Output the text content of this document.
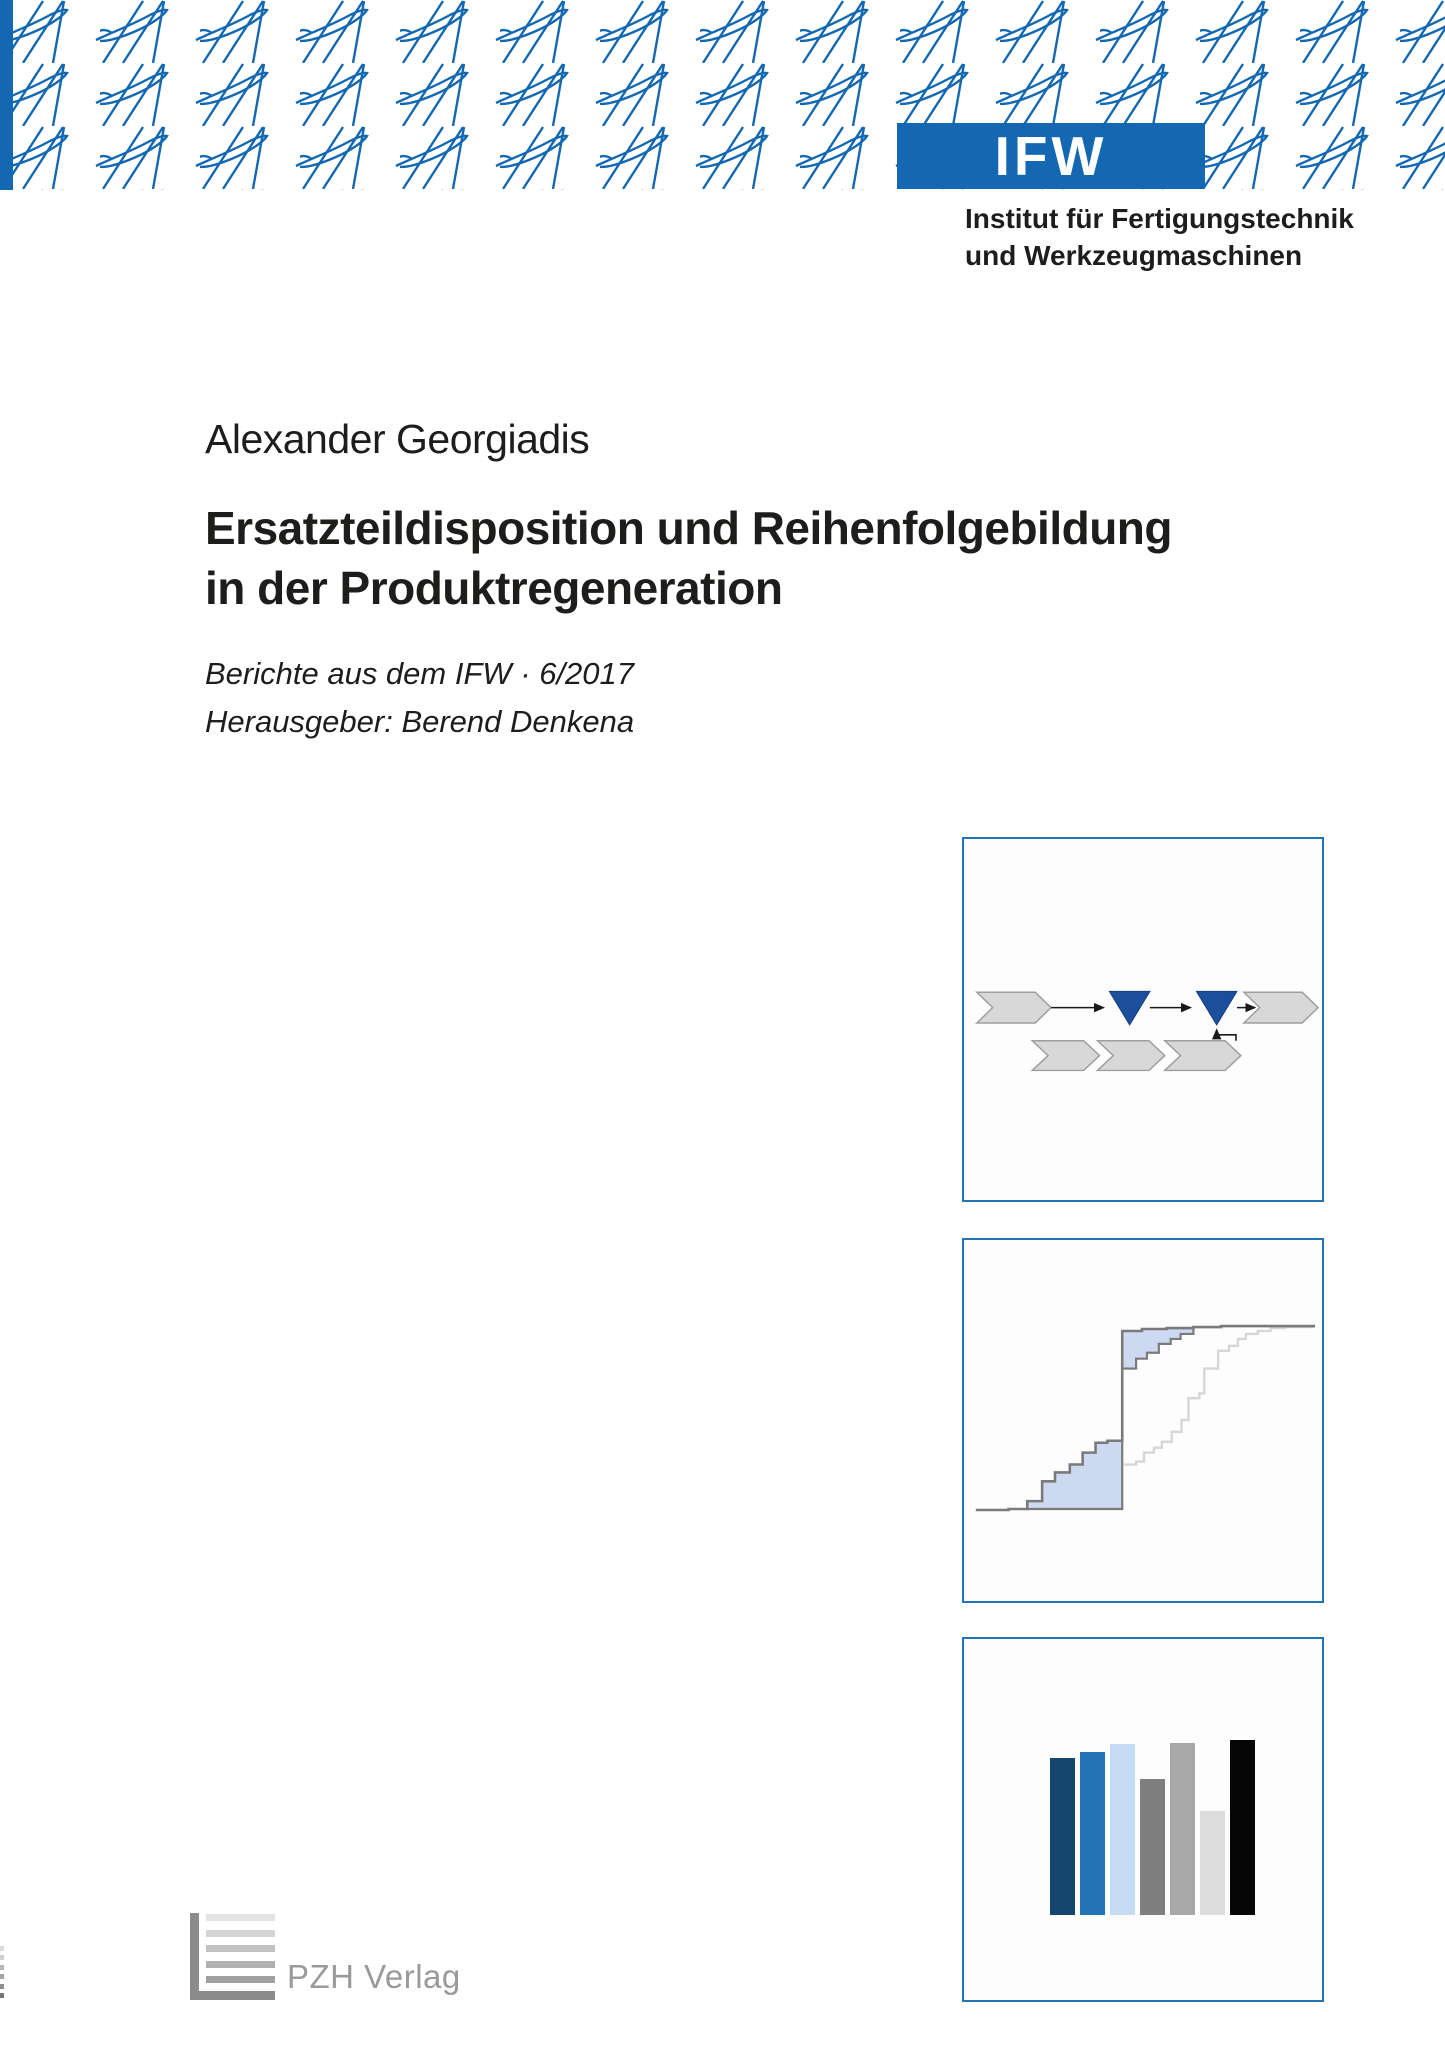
IFW
Institut für Fertigungstechnik
und Werkzeugmaschinen
Alexander Georgiadis
Ersatzteildisposition und Reihenfolgebildung
in der Produktregeneration
Berichte aus dem IFW · 6/2017
Herausgeber: Berend Denkena
PZH Verlag
